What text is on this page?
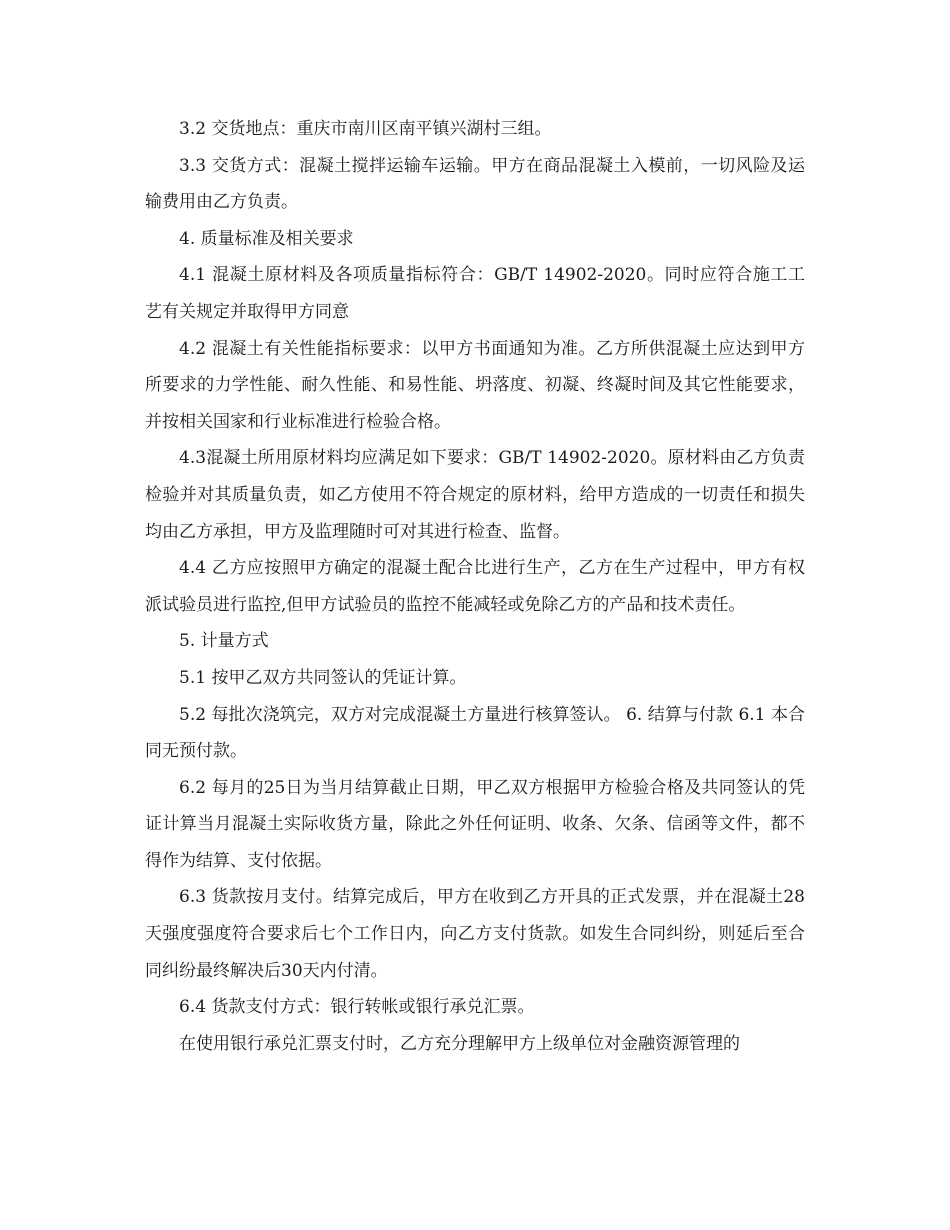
3.2 交货地点：重庆市南川区南平镇兴湖村三组。

3.3 交货方式：混凝土搅拌运输车运输。甲方在商品混凝土入模前，一切风险及运输费用由乙方负责。

4. 质量标准及相关要求

4.1 混凝土原材料及各项质量指标符合：GB/T 14902-2020。同时应符合施工工艺有关规定并取得甲方同意

4.2 混凝土有关性能指标要求：以甲方书面通知为准。乙方所供混凝土应达到甲方所要求的力学性能、耐久性能、和易性能、坍落度、初凝、终凝时间及其它性能要求，并按相关国家和行业标准进行检验合格。

4.3混凝土所用原材料均应满足如下要求：GB/T 14902-2020。原材料由乙方负责检验并对其质量负责，如乙方使用不符合规定的原材料，给甲方造成的一切责任和损失均由乙方承担，甲方及监理随时可对其进行检查、监督。

4.4 乙方应按照甲方确定的混凝土配合比进行生产，乙方在生产过程中，甲方有权派试验员进行监控,但甲方试验员的监控不能减轻或免除乙方的产品和技术责任。

5. 计量方式

5.1 按甲乙双方共同签认的凭证计算。

5.2 每批次浇筑完，双方对完成混凝土方量进行核算签认。 6. 结算与付款 6.1 本合同无预付款。

6.2 每月的25日为当月结算截止日期，甲乙双方根据甲方检验合格及共同签认的凭证计算当月混凝土实际收货方量，除此之外任何证明、收条、欠条、信函等文件，都不得作为结算、支付依据。

6.3 货款按月支付。结算完成后，甲方在收到乙方开具的正式发票，并在混凝土28天强度强度符合要求后七个工作日内，向乙方支付货款。如发生合同纠纷，则延后至合同纠纷最终解决后30天内付清。

6.4 货款支付方式：银行转帐或银行承兑汇票。

在使用银行承兑汇票支付时，乙方充分理解甲方上级单位对金融资源管理的
